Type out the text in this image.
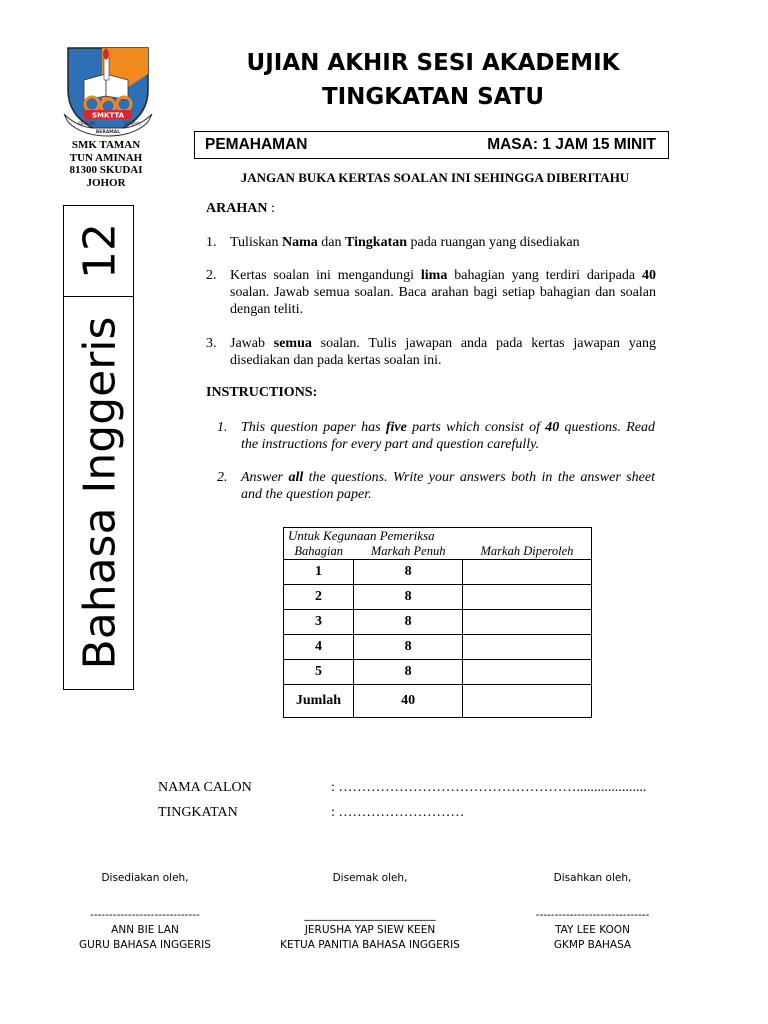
SMKTTA
BERILMU
BERAMAL
BERJAYA
SMK TAMAN
TUN AMINAH
81300 SKUDAI
JOHOR
UJIAN AKHIR SESI AKADEMIK
TINGKATAN SATU
PEMAHAMAN	MASA: 1 JAM 15 MINIT
JANGAN BUKA KERTAS SOALAN INI SEHINGGA DIBERITAHU
12
Bahasa Inggeris
ARAHAN :
1. Tuliskan Nama dan Tingkatan pada ruangan yang disediakan
2. Kertas soalan ini mengandungi lima bahagian yang terdiri daripada 40 soalan. Jawab semua soalan. Baca arahan bagi setiap bahagian dan soalan dengan teliti.
3. Jawab semua soalan. Tulis jawapan anda pada kertas jawapan yang disediakan dan pada kertas soalan ini.
INSTRUCTIONS:
1. This question paper has five parts which consist of 40 questions. Read the instructions for every part and question carefully.
2. Answer all the questions. Write your answers both in the answer sheet and the question paper.
Untuk Kegunaan Pemeriksa		
Bahagian	Markah Penuh	Markah Diperoleh
1	8	
2	8	
3	8	
4	8	
5	8	
Jumlah	40	
NAMA CALON	: ……………………………………………....................
TINGKATAN	: ………………………
Disediakan oleh,
-----------------------------
ANN BIE LAN
GURU BAHASA INGGERIS
Disemak oleh,
_________________________
JERUSHA YAP SIEW KEEN
KETUA PANITIA BAHASA INGGERIS
Disahkan oleh,
------------------------------
TAY LEE KOON
GKMP BAHASA
